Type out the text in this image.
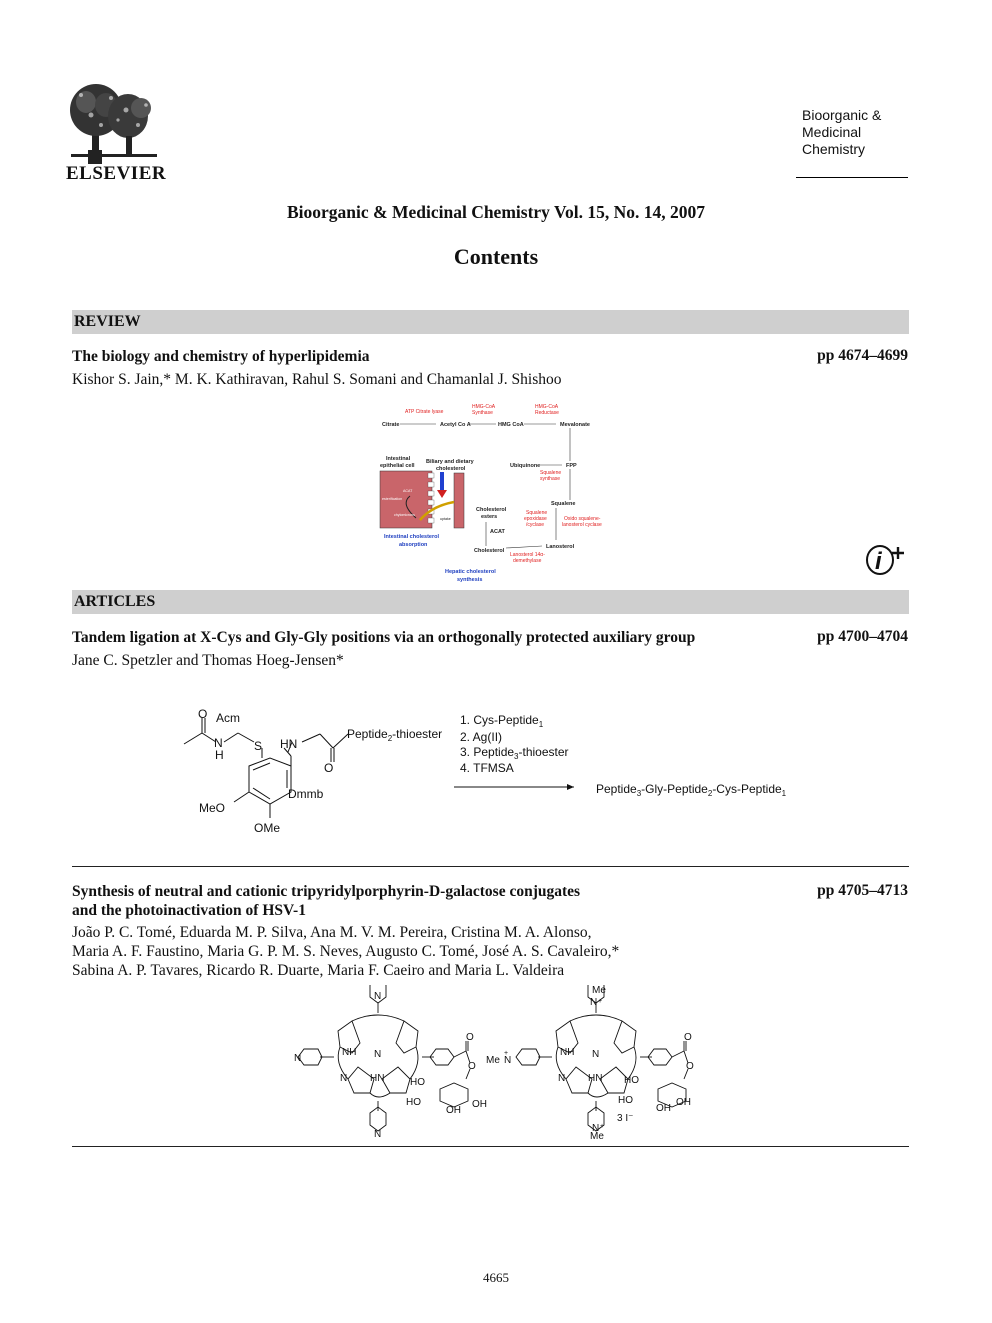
ELSEVIER
Bioorganic &
Medicinal
Chemistry
Bioorganic & Medicinal Chemistry Vol. 15, No. 14, 2007
Contents
REVIEW
The biology and chemistry of hyperlipidemia	pp 4674–4699
Kishor S. Jain,* M. K. Kathiravan, Rahul S. Somani and Chamanlal J. Shishoo
ATP Citrate lyase
HMG-CoA
Synthase
HMG-CoA
Reductase
Squalene
synthase
Squalene
epoxidase
/cyclase
Oxido squalene-
lanosterol cyclase
Lanosterol 14α-
demethylase
Citrate	Acetyl Co A	HMG CoA	Mevalonate
Ubiquinone	FPP
Squalene
Lanosterol
Cholesterol
Cholesterol
esters
ACAT
Intestinal
epithelial cell
Biliary and dietary
cholesterol
Intestinal cholesterol
absorption
Hepatic cholesterol
synthesis
ACAT
esterification
chylomicrons
uptake
i
ARTICLES
Tandem ligation at X-Cys and Gly-Gly positions via an orthogonally protected auxiliary group	pp 4700–4704
Jane C. Spetzler and Thomas Hoeg-Jensen*
Acm
O
N
H
S HN
O
Peptide$_2$-thioester
Dmmb
MeO
OMe
1. Cys-Peptide$_1$
2. Ag(II)
3. Peptide$_3$-thioester
4. TFMSA
Peptide$_3$-Gly-Peptide$_2$-Cys-Peptide$_1$
Synthesis of neutral and cationic tripyridylporphyrin-D-galactose conjugates
and the photoinactivation of HSV-1
pp 4705–4713
João P. C. Tomé, Eduarda M. P. Silva, Ana M. V. M. Pereira, Cristina M. A. Alonso,
Maria A. F. Faustino, Maria G. P. M. S. Neves, Augusto C. Tomé, José A. S. Cavaleiro,*
Sabina A. P. Tavares, Ricardo R. Duarte, Maria F. Caeiro and Maria L. Valdeira
N
N
N
NH N
N HN
O
O
HO
HO	OH
OH
Me
N +
Me N
+	NH N
N HN
N +
Me
3 I⁻
O
O
HO
HO	OH
OH
4665
